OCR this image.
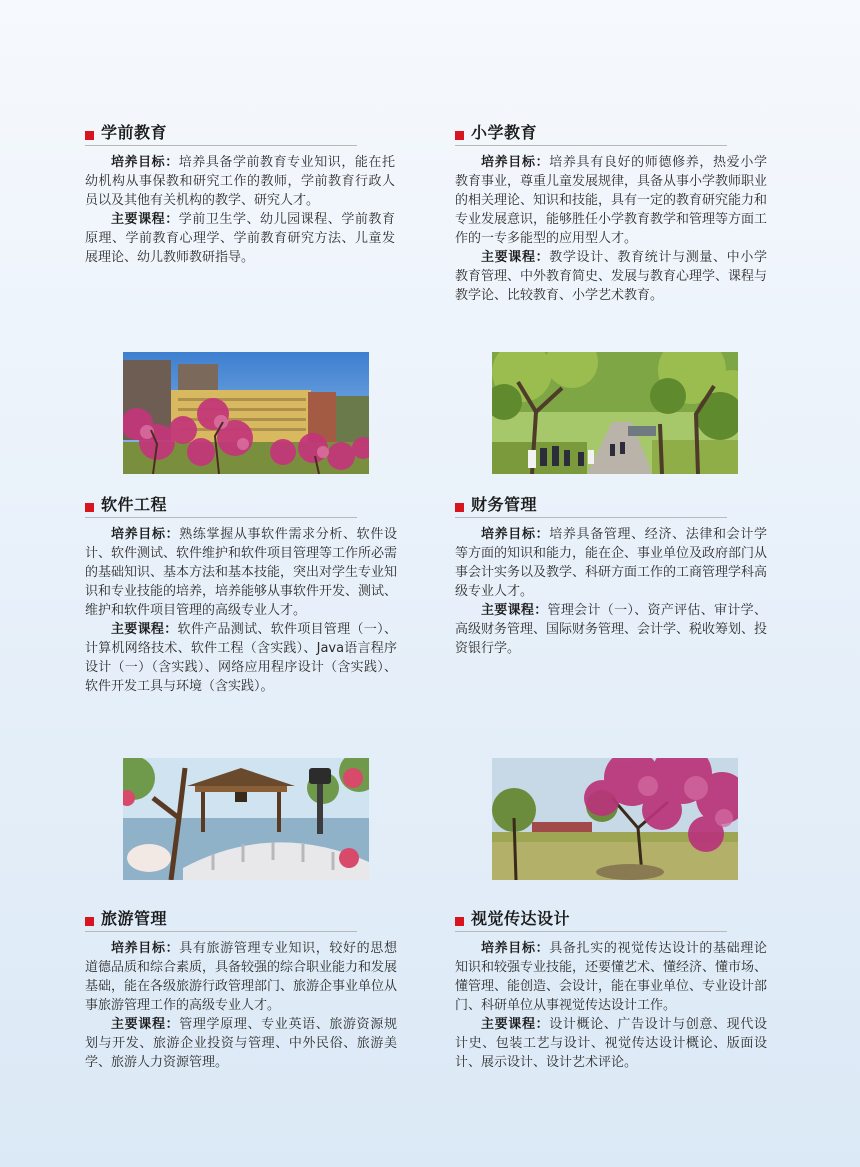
学前教育

培养目标：培养具备学前教育专业知识，能在托幼机构从事保教和研究工作的教师，学前教育行政人员以及其他有关机构的教学、研究人才。

主要课程：学前卫生学、幼儿园课程、学前教育原理、学前教育心理学、学前教育研究方法、儿童发展理论、幼儿教师教研指导。

小学教育

培养目标：培养具有良好的师德修养，热爱小学教育事业，尊重儿童发展规律，具备从事小学教师职业的相关理论、知识和技能，具有一定的教育研究能力和专业发展意识，能够胜任小学教育教学和管理等方面工作的一专多能型的应用型人才。

主要课程：教学设计、教育统计与测量、中小学教育管理、中外教育简史、发展与教育心理学、课程与教学论、比较教育、小学艺术教育。

软件工程

培养目标：熟练掌握从事软件需求分析、软件设计、软件测试、软件维护和软件项目管理等工作所必需的基础知识、基本方法和基本技能，突出对学生专业知识和专业技能的培养，培养能够从事软件开发、测试、维护和软件项目管理的高级专业人才。

主要课程：软件产品测试、软件项目管理（一）、计算机网络技术、软件工程（含实践）、Java语言程序设计（一）（含实践）、网络应用程序设计（含实践）、软件开发工具与环境（含实践）。

财务管理

培养目标：培养具备管理、经济、法律和会计学等方面的知识和能力，能在企、事业单位及政府部门从事会计实务以及教学、科研方面工作的工商管理学科高级专业人才。

主要课程：管理会计（一）、资产评估、审计学、高级财务管理、国际财务管理、会计学、税收筹划、投资银行学。

旅游管理

培养目标：具有旅游管理专业知识，较好的思想道德品质和综合素质，具备较强的综合职业能力和发展基础，能在各级旅游行政管理部门、旅游企事业单位从事旅游管理工作的高级专业人才。

主要课程：管理学原理、专业英语、旅游资源规划与开发、旅游企业投资与管理、中外民俗、旅游美学、旅游人力资源管理。

视觉传达设计

培养目标：具备扎实的视觉传达设计的基础理论知识和较强专业技能，还要懂艺术、懂经济、懂市场、懂管理、能创造、会设计，能在事业单位、专业设计部门、科研单位从事视觉传达设计工作。

主要课程：设计概论、广告设计与创意、现代设计史、包装工艺与设计、视觉传达设计概论、版面设计、展示设计、设计艺术评论。
